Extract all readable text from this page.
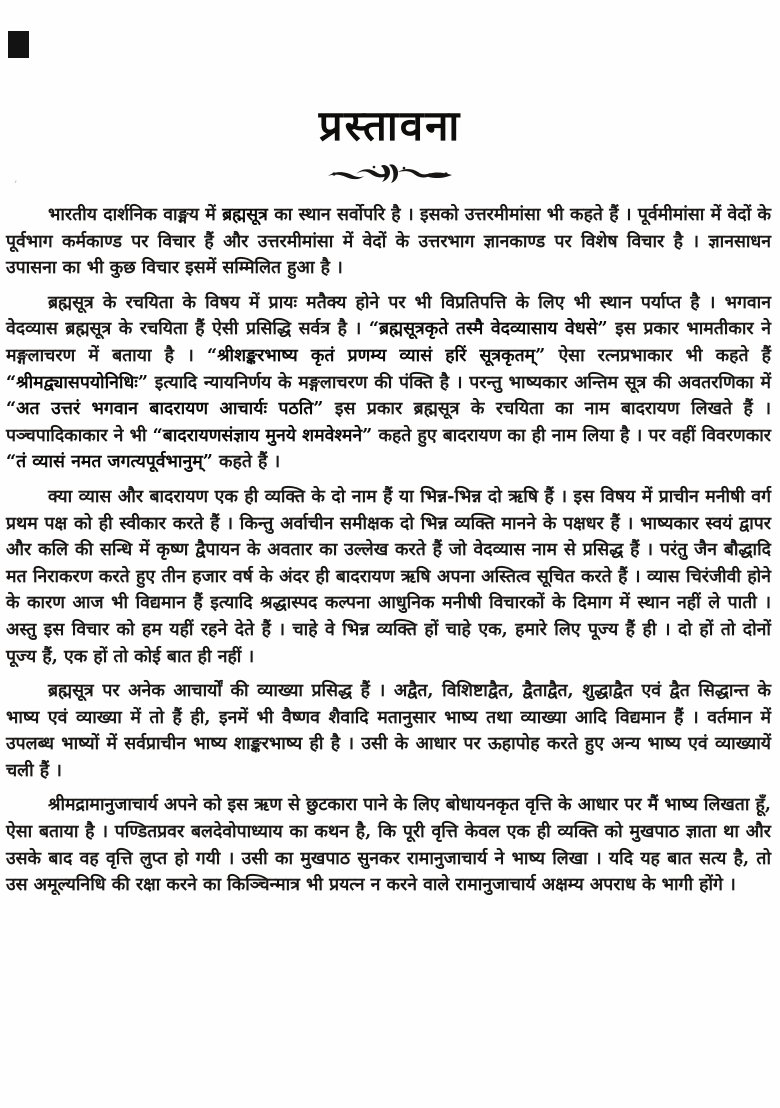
’
प्रस्तावना

भारतीय दार्शनिक वाङ्मय में ब्रह्मसूत्र का स्थान सर्वोपरि है । इसको उत्तरमीमांसा भी कहते हैं । पूर्वमीमांसा में वेदों के पूर्वभाग कर्मकाण्ड पर विचार हैं और उत्तरमीमांसा में वेदों के उत्तरभाग ज्ञानकाण्ड पर विशेष विचार है । ज्ञानसाधन उपासना का भी कुछ विचार इसमें सम्मिलित हुआ है ।

ब्रह्मसूत्र के रचयिता के विषय में प्रायः मतैक्य होने पर भी विप्रतिपत्ति के लिए भी स्थान पर्याप्त है । भगवान वेदव्यास ब्रह्मसूत्र के रचयिता हैं ऐसी प्रसिद्धि सर्वत्र है । “ब्रह्मसूत्रकृते तस्मै वेदव्यासाय वेधसे” इस प्रकार भामतीकार ने मङ्गलाचरण में बताया है । “श्रीशङ्करभाष्य कृतं प्रणम्य व्यासं हरिं सूत्रकृतम्” ऐसा रत्नप्रभाकार भी कहते हैं “श्रीमद्व्यासपयोनिधिः” इत्यादि न्यायनिर्णय के मङ्गलाचरण की पंक्ति है । परन्तु भाष्यकार अन्तिम सूत्र की अवतरणिका में “अत उत्तरं भगवान बादरायण आचार्यः पठति” इस प्रकार ब्रह्मसूत्र के रचयिता का नाम बादरायण लिखते हैं । पञ्चपादिकाकार ने भी “बादरायणसंज्ञाय मुनये शमवेश्मने” कहते हुए बादरायण का ही नाम लिया है । पर वहीं विवरणकार “तं व्यासं नमत जगत्यपूर्वभानुम्” कहते हैं ।

क्या व्यास और बादरायण एक ही व्यक्ति के दो नाम हैं या भिन्न-भिन्न दो ऋषि हैं । इस विषय में प्राचीन मनीषी वर्ग प्रथम पक्ष को ही स्वीकार करते हैं । किन्तु अर्वाचीन समीक्षक दो भिन्न व्यक्ति मानने के पक्षधर हैं । भाष्यकार स्वयं द्वापर और कलि की सन्धि में कृष्ण द्वैपायन के अवतार का उल्लेख करते हैं जो वेदव्यास नाम से प्रसिद्ध हैं । परंतु जैन बौद्धादि मत निराकरण करते हुए तीन हजार वर्ष के अंदर ही बादरायण ऋषि अपना अस्तित्व सूचित करते हैं । व्यास चिरंजीवी होने के कारण आज भी विद्यमान हैं इत्यादि श्रद्धास्पद कल्पना आधुनिक मनीषी विचारकों के दिमाग में स्थान नहीं ले पाती । अस्तु इस विचार को हम यहीं रहने देते हैं । चाहे वे भिन्न व्यक्ति हों चाहे एक, हमारे लिए पूज्य हैं ही । दो हों तो दोनों पूज्य हैं, एक हों तो कोई बात ही नहीं ।

ब्रह्मसूत्र पर अनेक आचार्यों की व्याख्या प्रसिद्ध हैं । अद्वैत, विशिष्टाद्वैत, द्वैताद्वैत, शुद्धाद्वैत एवं द्वैत सिद्धान्त के भाष्य एवं व्याख्या में तो हैं ही, इनमें भी वैष्णव शैवादि मतानुसार भाष्य तथा व्याख्या आदि विद्यमान हैं । वर्तमान में उपलब्ध भाष्यों में सर्वप्राचीन भाष्य शाङ्करभाष्य ही है । उसी के आधार पर ऊहापोह करते हुए अन्य भाष्य एवं व्याख्यायें चली हैं ।

श्रीमद्रामानुजाचार्य अपने को इस ऋण से छुटकारा पाने के लिए बोधायनकृत वृत्ति के आधार पर मैं भाष्य लिखता हूँ, ऐसा बताया है । पण्डितप्रवर बलदेवोपाध्याय का कथन है, कि पूरी वृत्ति केवल एक ही व्यक्ति को मुखपाठ ज्ञाता था और उसके बाद वह वृत्ति लुप्त हो गयी । उसी का मुखपाठ सुनकर रामानुजाचार्य ने भाष्य लिखा । यदि यह बात सत्य है, तो उस अमूल्यनिधि की रक्षा करने का किञ्चिन्मात्र भी प्रयत्न न करने वाले रामानुजाचार्य अक्षम्य अपराध के भागी होंगे ।
